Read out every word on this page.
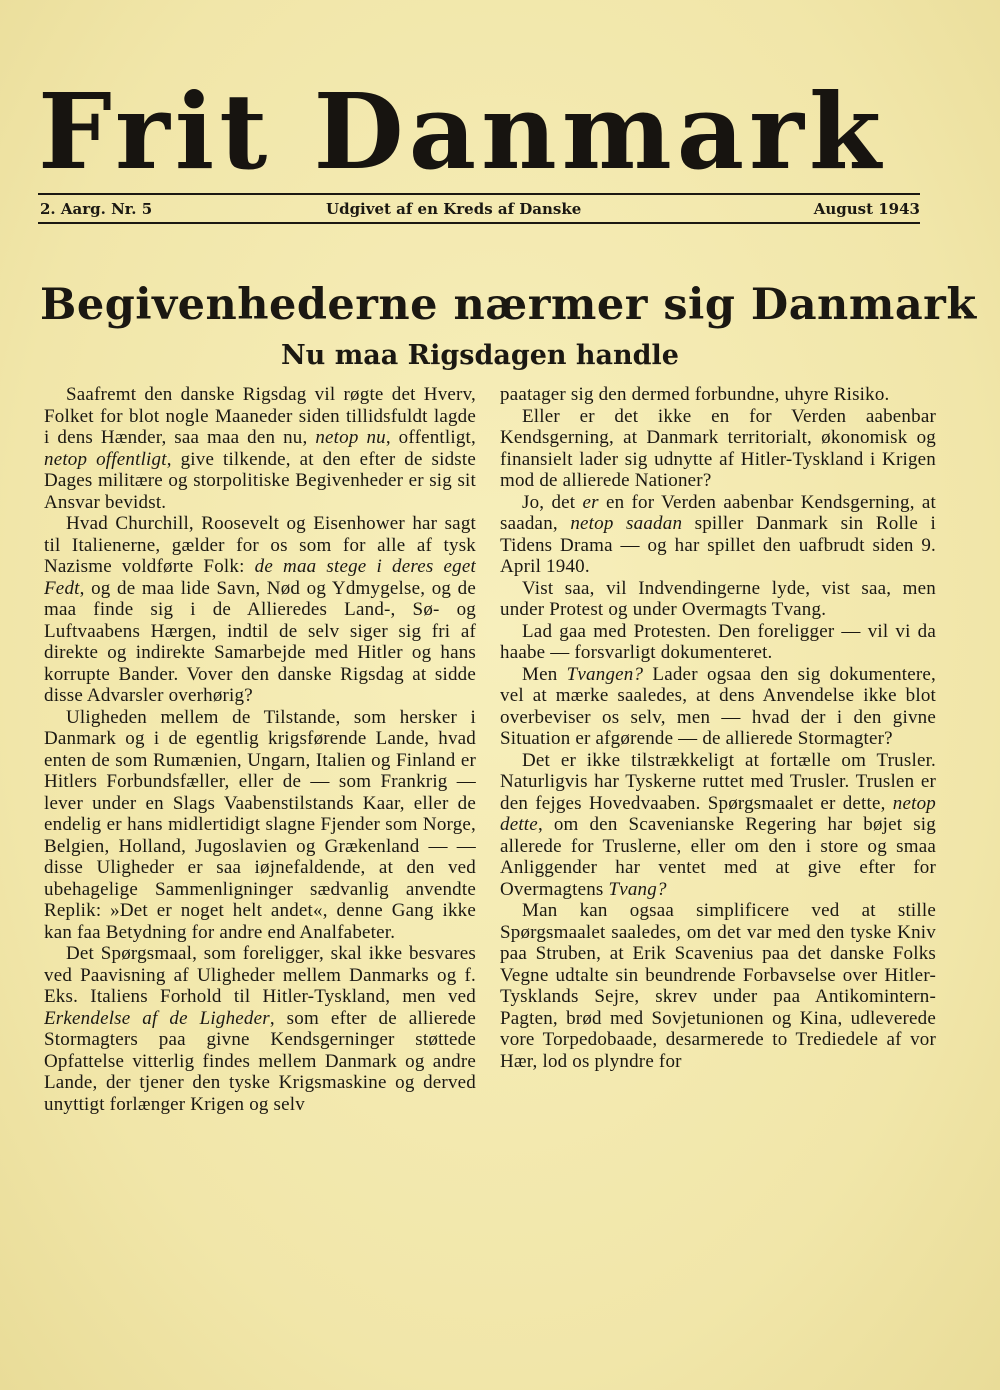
Frit Danmark
2. Aarg. Nr. 5	Udgivet af en Kreds af Danske	August 1943
Begivenhederne nærmer sig Danmark
Nu maa Rigsdagen handle

Saafremt den danske Rigsdag vil røgte det Hverv, Folket for blot nogle Maaneder siden tillidsfuldt lagde i dens Hænder, saa maa den nu, netop nu, offentligt, netop offentligt, give tilkende, at den efter de sidste Dages militære og storpolitiske Begivenheder er sig sit Ansvar bevidst.

Hvad Churchill, Roosevelt og Eisenhower har sagt til Italienerne, gælder for os som for alle af tysk Nazisme voldførte Folk: de maa stege i deres eget Fedt, og de maa lide Savn, Nød og Ydmygelse, og de maa finde sig i de Allieredes Land-, Sø- og Luftvaabens Hærgen, indtil de selv siger sig fri af direkte og indirekte Samarbejde med Hitler og hans korrupte Bander. Vover den danske Rigsdag at sidde disse Advarsler overhørig?

Uligheden mellem de Tilstande, som hersker i Danmark og i de egentlig krigsførende Lande, hvad enten de som Rumænien, Ungarn, Italien og Finland er Hitlers Forbundsfæller, eller de — som Frankrig — lever under en Slags Vaabenstilstands Kaar, eller de endelig er hans midlertidigt slagne Fjender som Norge, Belgien, Holland, Jugoslavien og Grækenland — — disse Uligheder er saa iøjnefaldende, at den ved ubehagelige Sammenligninger sædvanlig anvendte Replik: »Det er noget helt andet«, denne Gang ikke kan faa Betydning for andre end Analfabeter.

Det Spørgsmaal, som foreligger, skal ikke besvares ved Paavisning af Uligheder mellem Danmarks og f. Eks. Italiens Forhold til Hitler-Tyskland, men ved Erkendelse af de Ligheder, som efter de allierede Stormagters paa givne Kendsgerninger støttede Opfattelse vitterlig findes mellem Danmark og andre Lande, der tjener den tyske Krigsmaskine og derved unyttigt forlænger Krigen og selv

paatager sig den dermed forbundne, uhyre Risiko.

Eller er det ikke en for Verden aabenbar Kendsgerning, at Danmark territorialt, økonomisk og finansielt lader sig udnytte af Hitler-Tyskland i Krigen mod de allierede Nationer?

Jo, det er en for Verden aabenbar Kendsgerning, at saadan, netop saadan spiller Danmark sin Rolle i Tidens Drama — og har spillet den uafbrudt siden 9. April 1940.

Vist saa, vil Indvendingerne lyde, vist saa, men under Protest og under Overmagts Tvang.

Lad gaa med Protesten. Den foreligger — vil vi da haabe — forsvarligt dokumenteret.

Men Tvangen? Lader ogsaa den sig dokumentere, vel at mærke saaledes, at dens Anvendelse ikke blot overbeviser os selv, men — hvad der i den givne Situation er afgørende — de allierede Stormagter?

Det er ikke tilstrækkeligt at fortælle om Trusler. Naturligvis har Tyskerne ruttet med Trusler. Truslen er den fejges Hovedvaaben. Spørgsmaalet er dette, netop dette, om den Scavenianske Regering har bøjet sig allerede for Truslerne, eller om den i store og smaa Anliggender har ventet med at give efter for Overmagtens Tvang?

Man kan ogsaa simplificere ved at stille Spørgsmaalet saaledes, om det var med den tyske Kniv paa Struben, at Erik Scavenius paa det danske Folks Vegne udtalte sin beundrende Forbavselse over Hitler-Tysklands Sejre, skrev under paa Antikomintern-Pagten, brød med Sovjetunionen og Kina, udleverede vore Torpedobaade, desarmerede to Trediedele af vor Hær, lod os plyndre for
